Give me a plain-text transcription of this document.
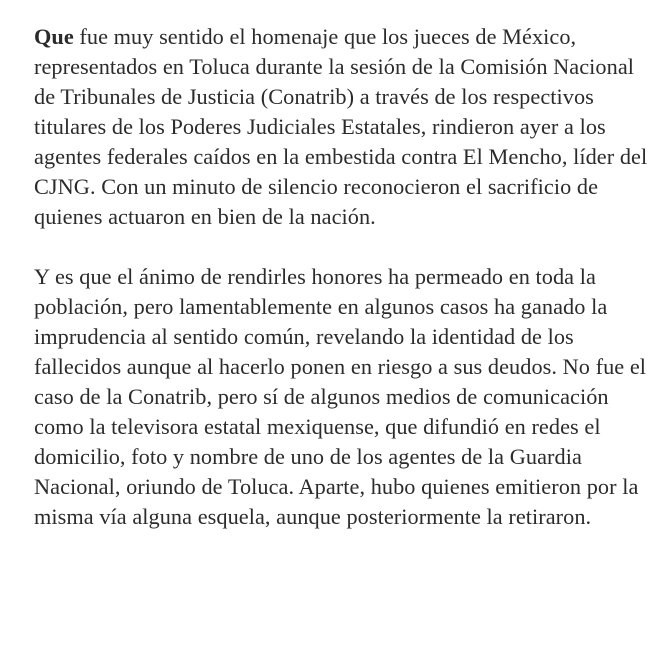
Que fue muy sentido el homenaje que los jueces de México, representados en Toluca durante la sesión de la Comisión Nacional de Tribunales de Justicia (Conatrib) a través de los respectivos titulares de los Poderes Judiciales Estatales, rindieron ayer a los agentes federales caídos en la embestida contra El Mencho, líder del CJNG. Con un minuto de silencio reconocieron el sacrificio de quienes actuaron en bien de la nación.

Y es que el ánimo de rendirles honores ha permeado en toda la población, pero lamentablemente en algunos casos ha ganado la imprudencia al sentido común, revelando la identidad de los fallecidos aunque al hacerlo ponen en riesgo a sus deudos. No fue el caso de la Conatrib, pero sí de algunos medios de comunicación como la televisora estatal mexiquense, que difundió en redes el domicilio, foto y nombre de uno de los agentes de la Guardia Nacional, oriundo de Toluca. Aparte, hubo quienes emitieron por la misma vía alguna esquela, aunque posteriormente la retiraron.
